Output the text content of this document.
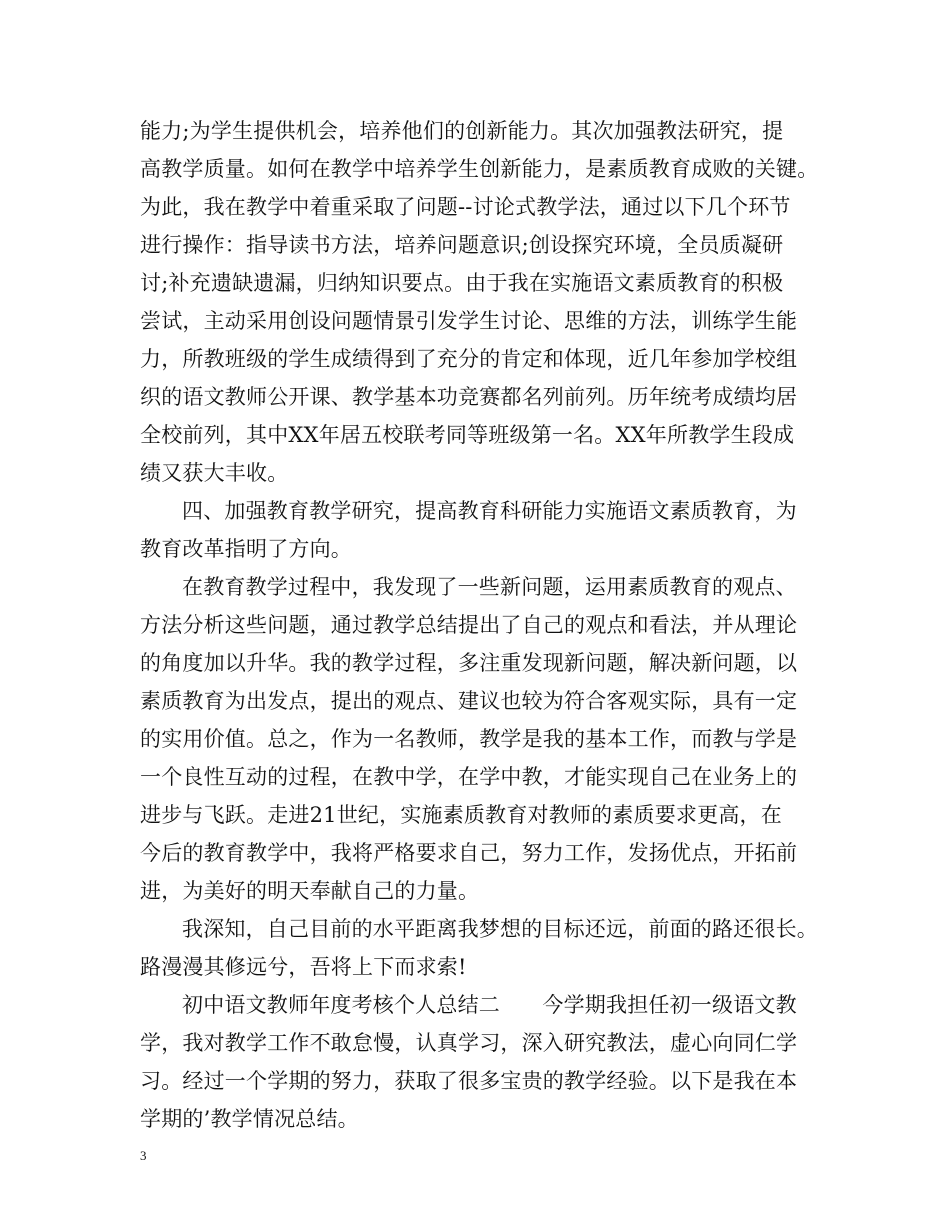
能力;为学生提供机会，培养他们的创新能力。其次加强教法研究，提
高教学质量。如何在教学中培养学生创新能力，是素质教育成败的关键。
为此，我在教学中着重采取了问题--讨论式教学法，通过以下几个环节
进行操作：指导读书方法，培养问题意识;创设探究环境，全员质凝研
讨;补充遗缺遗漏，归纳知识要点。由于我在实施语文素质教育的积极
尝试，主动采用创设问题情景引发学生讨论、思维的方法，训练学生能
力，所教班级的学生成绩得到了充分的肯定和体现，近几年参加学校组
织的语文教师公开课、教学基本功竞赛都名列前列。历年统考成绩均居
全校前列，其中XX年居五校联考同等班级第一名。XX年所教学生段成
绩又获大丰收。
四、加强教育教学研究，提高教育科研能力实施语文素质教育，为
教育改革指明了方向。
在教育教学过程中，我发现了一些新问题，运用素质教育的观点、
方法分析这些问题，通过教学总结提出了自己的观点和看法，并从理论
的角度加以升华。我的教学过程，多注重发现新问题，解决新问题，以
素质教育为出发点，提出的观点、建议也较为符合客观实际，具有一定
的实用价值。总之，作为一名教师，教学是我的基本工作，而教与学是
一个良性互动的过程，在教中学，在学中教，才能实现自己在业务上的
进步与飞跃。走进21世纪，实施素质教育对教师的素质要求更高，在
今后的教育教学中，我将严格要求自己，努力工作，发扬优点，开拓前
进，为美好的明天奉献自己的力量。
我深知，自己目前的水平距离我梦想的目标还远，前面的路还很长。
路漫漫其修远兮，吾将上下而求索!
初中语文教师年度考核个人总结二　　今学期我担任初一级语文教
学，我对教学工作不敢怠慢，认真学习，深入研究教法，虚心向同仁学
习。经过一个学期的努力，获取了很多宝贵的教学经验。以下是我在本
学期的’教学情况总结。
3
